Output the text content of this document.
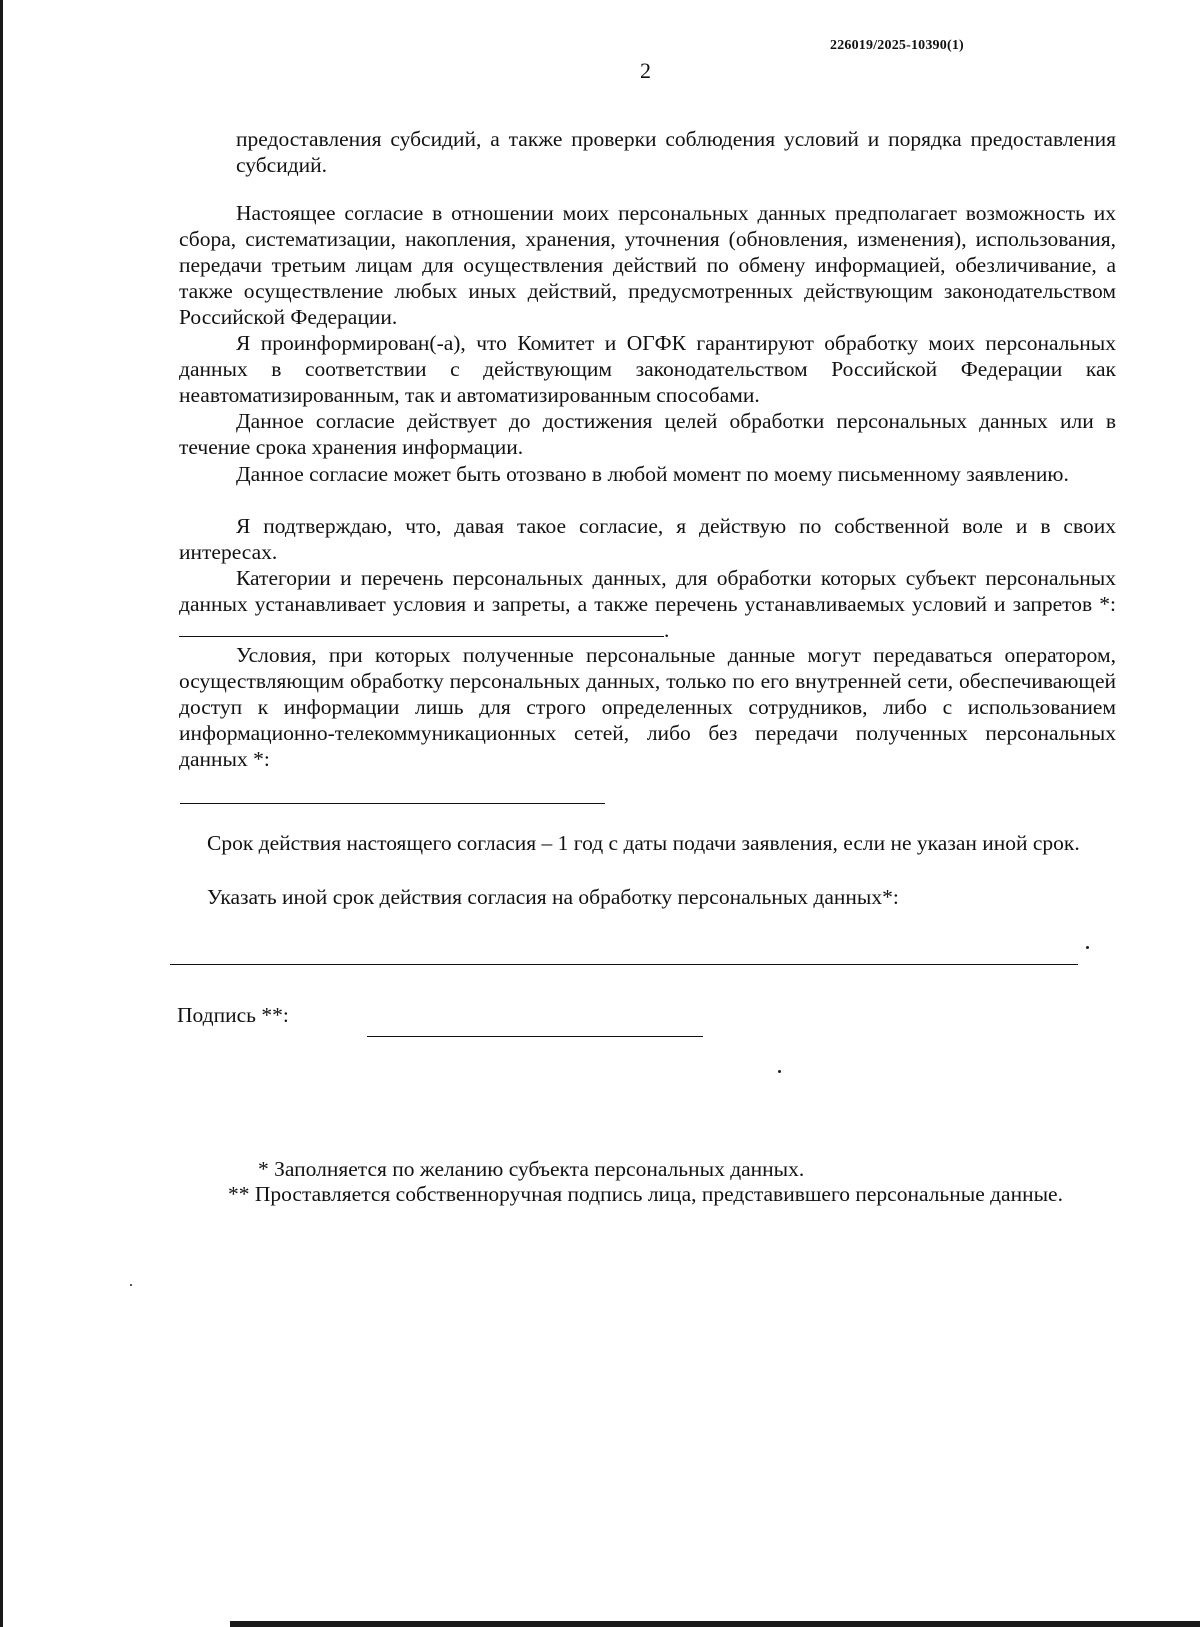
226019/2025-10390(1)
2

предоставления субсидий, а также проверки соблюдения условий и порядка предоставления субсидий.

Настоящее согласие в отношении моих персональных данных предполагает возможность их сбора, систематизации, накопления, хранения, уточнения (обновления, изменения), использования, передачи третьим лицам для осуществления действий по обмену информацией, обезличивание, а также осуществление любых иных действий, предусмотренных действующим законодательством Российской Федерации.

Я проинформирован(-а), что Комитет и ОГФК гарантируют обработку моих персональных данных в соответствии с действующим законодательством Российской Федерации как неавтоматизированным, так и автоматизированным способами.

Данное согласие действует до достижения целей обработки персональных данных или в течение срока хранения информации.

Данное согласие может быть отозвано в любой момент по моему письменному заявлению.

Я подтверждаю, что, давая такое согласие, я действую по собственной воле и в своих интересах.

Категории и перечень персональных данных, для обработки которых субъект персональных данных устанавливает условия и запреты, а также перечень устанавливаемых условий и запретов *: .

Условия, при которых полученные персональные данные могут передаваться оператором, осуществляющим обработку персональных данных, только по его внутренней сети, обеспечивающей доступ к информации лишь для строго определенных сотрудников, либо с использованием информационно-телекоммуникационных сетей, либо без передачи полученных персональных данных *:

Срок действия настоящего согласия – 1 год с даты подачи заявления, если не указан иной срок.

Указать иной срок действия согласия на обработку персональных данных*:

Подпись **:

* Заполняется по желанию субъекта персональных данных.

** Проставляется собственноручная подпись лица, представившего персональные данные.
